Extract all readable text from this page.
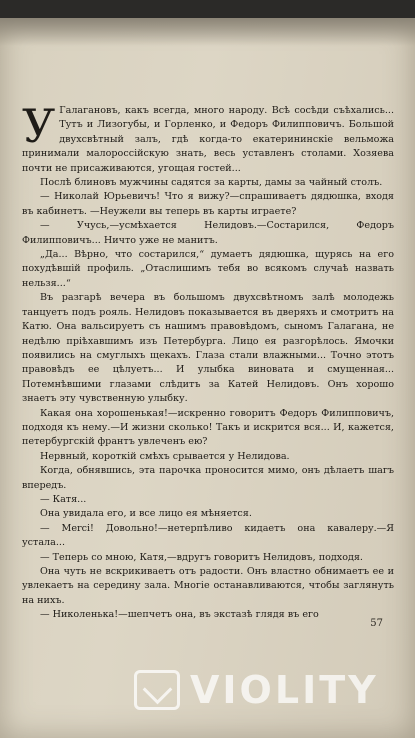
У Галагановъ, какъ всегда, много народу. Всѣ сосѣди съѣхались... Тутъ и Лизогубы, и Горленко, и Федоръ Филипповичъ. Большой двухсвѣтный залъ, гдѣ когда-то екатерининскіе вельможа принимали малороссійскую знать, весь уставленъ столами. Хозяева почти не присаживаются, угощая гостей...

Послѣ блиновъ мужчины садятся за карты, дамы за чайный столъ.

— Николай Юрьевичъ! Что я вижу?—спрашиваетъ дядюшка, входя въ кабинетъ. —Неужели вы теперь въ карты играете?

— Учусь,—усмѣхается Нелидовъ.—Состарился, Федоръ Филипповичъ... Ничто уже не манитъ.

„Да... Вѣрно, что состарился,“ думаетъ дядюшка, щурясь на его похудѣвшій профиль. „Отаслишимъ тебя во всякомъ случаѣ назвать нельзя...“

Въ разгарѣ вечера въ большомъ двухсвѣтномъ залѣ молодежь танцуетъ подъ рояль. Нелидовъ показывается въ дверяхъ и смотритъ на Катю. Она вальсируетъ съ нашимъ правовѣдомъ, сыномъ Галагана, не недѣлю пріѣхавшимъ изъ Петербурга. Лицо ея разгорѣлось. Ямочки появились на смуглыхъ щекахъ. Глаза стали влажными... Точно этотъ правовѣдъ ее цѣлуетъ... И улыбка виновата и смущенная... Потемнѣвшими глазами слѣдитъ за Катей Нелидовъ. Онъ хорошо знаетъ эту чувственную улыбку.

Какая она хорошенькая!—искренно говоритъ Федоръ Филипповичъ, подходя къ нему.—И жизни сколько! Такъ и искрится вся... И, кажется, петербургскій франтъ увлеченъ ею?

Нервный, короткій смѣхъ срывается у Нелидова.

Когда, обнявшись, эта парочка проносится мимо, онъ дѣлаетъ шагъ впередъ.

— Катя...

Она увидала его, и все лицо ея мѣняется.

— Merci! Довольно!—нетерпѣливо кидаетъ она кавалеру.—Я устала...

— Теперь со мною, Катя,—вдругъ говоритъ Нелидовъ, подходя.

Она чуть не вскрикиваетъ отъ радости. Онъ властно обнимаетъ ее и увлекаетъ на середину зала. Многіе останавливаются, чтобы заглянуть на нихъ.

— Николенька!—шепчетъ она, въ экстазѣ глядя въ его

57
VIOLITY
